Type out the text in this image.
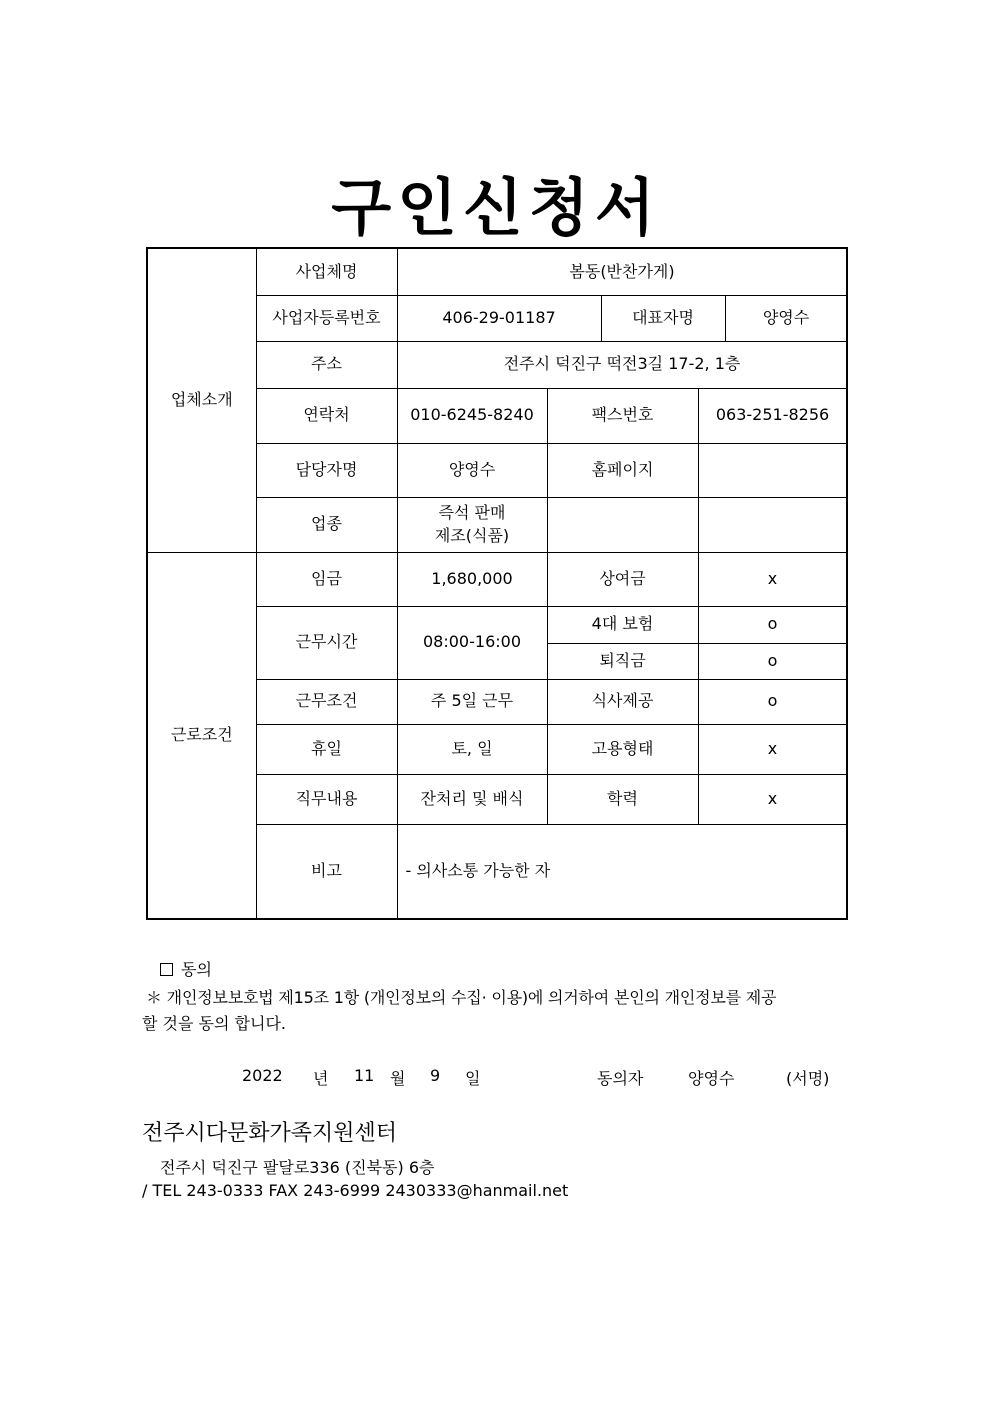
구인신청서
업체소개	사업체명	봄동(반찬가게)				
	사업자등록번호	406-29-01187		대표자명		양영수
	주소	전주시 덕진구 떡전3길 17-2, 1층				
	연락처	010-6245-8240	팩스번호		063-251-8256	
	담당자명	양영수	홈페이지			
	업종	즉석 판매
제조(식품)				

근로조건	임금	1,680,000	상여금		x	
	근무시간	08:00-16:00	4대 보험		o	
			퇴직금		o	
	근무조건	주 5일 근무	식사제공		o	
	휴일	토, 일	고용형태		x	
	직무내용	잔처리 및 배식	학력		x	
	비고	- 의사소통 가능한 자				
동의
＊ 개인정보보호법 제15조 1항 (개인정보의 수집· 이용)에 의거하여 본인의 개인정보를 제공
할 것을 동의 합니다.
2022 년 11 월 9 일	동의자	양영수	(서명)
전주시다문화가족지원센터
전주시 덕진구 팔달로336 (진북동) 6층
/ TEL 243-0333 FAX 243-6999 2430333@hanmail.net
